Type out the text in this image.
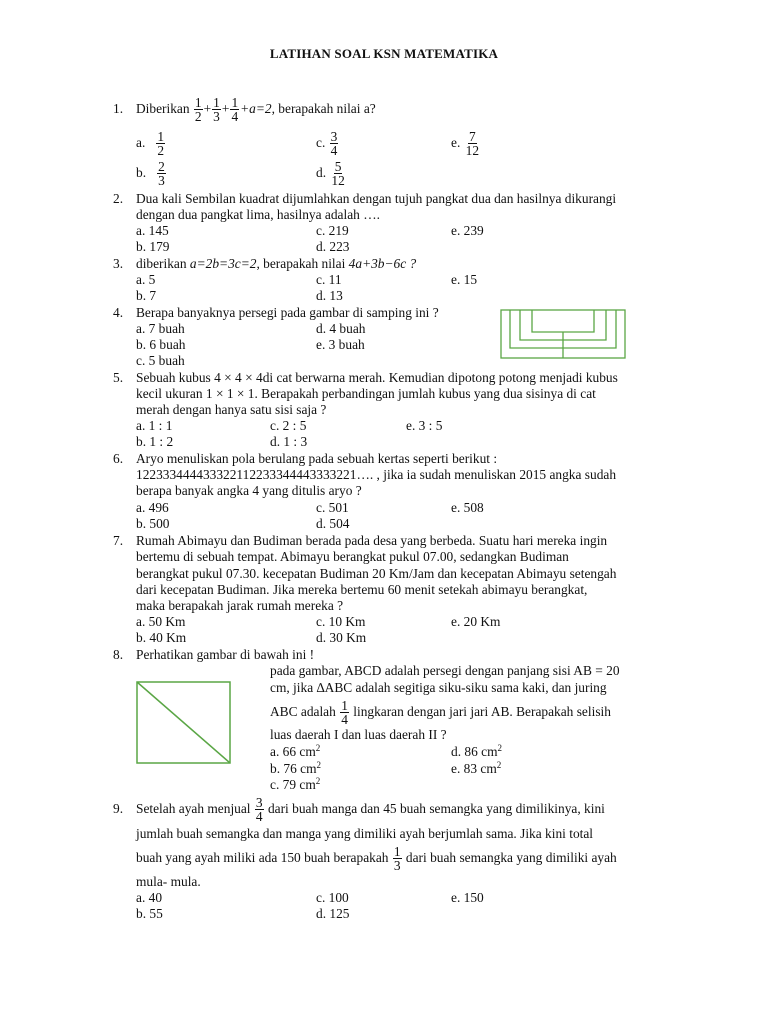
LATIHAN SOAL KSN MATEMATIKA
1. Diberikan $\frac{1}{2} + \frac{1}{3} + \frac{1}{4} +a=2$, berapakah nilai a?
a. $\frac{1}{2}$	c. $\frac{3}{4}$	e. $\frac{7}{12}$
b. $\frac{2}{3}$	d. $\frac{5}{12}$
2. Dua kali Sembilan kuadrat dijumlahkan dengan tujuh pangkat dua dan hasilnya dikurangi
dengan dua pangkat lima, hasilnya adalah ….
a. 145	c. 219	e. 239
b. 179	d. 223
3. diberikan a=2b=3c=2, berapakah nilai 4a+3b−6c ?
a. 5	c. 11	e. 15
b. 7	d. 13
4. Berapa banyaknya persegi pada gambar di samping ini ?
a. 7 buah	d. 4 buah
b. 6 buah	e. 3 buah
c. 5 buah
5. Sebuah kubus 4 × 4 × 4di cat berwarna merah. Kemudian dipotong potong menjadi kubus
kecil ukuran 1 × 1 × 1. Berapakah perbandingan jumlah kubus yang dua sisinya di cat
merah dengan hanya satu sisi saja ?
a. 1 : 1	c. 2 : 5	e. 3 : 5
b. 1 : 2	d. 1 : 3
6. Aryo menuliskan pola berulang pada sebuah kertas seperti berikut :
122333444433322112233344443333221…. , jika ia sudah menuliskan 2015 angka sudah
berapa banyak angka 4 yang ditulis aryo ?
a. 496	c. 501	e. 508
b. 500	d. 504
7. Rumah Abimayu dan Budiman berada pada desa yang berbeda. Suatu hari mereka ingin
bertemu di sebuah tempat. Abimayu berangkat pukul 07.00, sedangkan Budiman
berangkat pukul 07.30. kecepatan Budiman 20 Km/Jam dan kecepatan Abimayu setengah
dari kecepatan Budiman. Jika mereka bertemu 60 menit setekah abimayu berangkat,
maka berapakah jarak rumah mereka ?
a. 50 Km	c. 10 Km	e. 20 Km
b. 40 Km	d. 30 Km
8. Perhatikan gambar di bawah ini !
pada gambar, ABCD adalah persegi dengan panjang sisi AB = 20
cm, jika ∆ABC adalah segitiga siku-siku sama kaki, dan juring
ABC adalah $\frac{1}{4}$ lingkaran dengan jari jari AB. Berapakah selisih
luas daerah I dan luas daerah II ?
a. 66 $cm^2$	d. 86 $cm^2$
b. 76 $cm^2$	e. 83 $cm^2$
c. 79 $cm^2$
9. Setelah ayah menjual $\frac{3}{4}$ dari buah manga dan 45 buah semangka yang dimilikinya, kini
jumlah buah semangka dan manga yang dimiliki ayah berjumlah sama. Jika kini total
buah yang ayah miliki ada 150 buah berapakah $\frac{1}{3}$ dari buah semangka yang dimiliki ayah
mula- mula.
a. 40	c. 100	e. 150
b. 55	d. 125
